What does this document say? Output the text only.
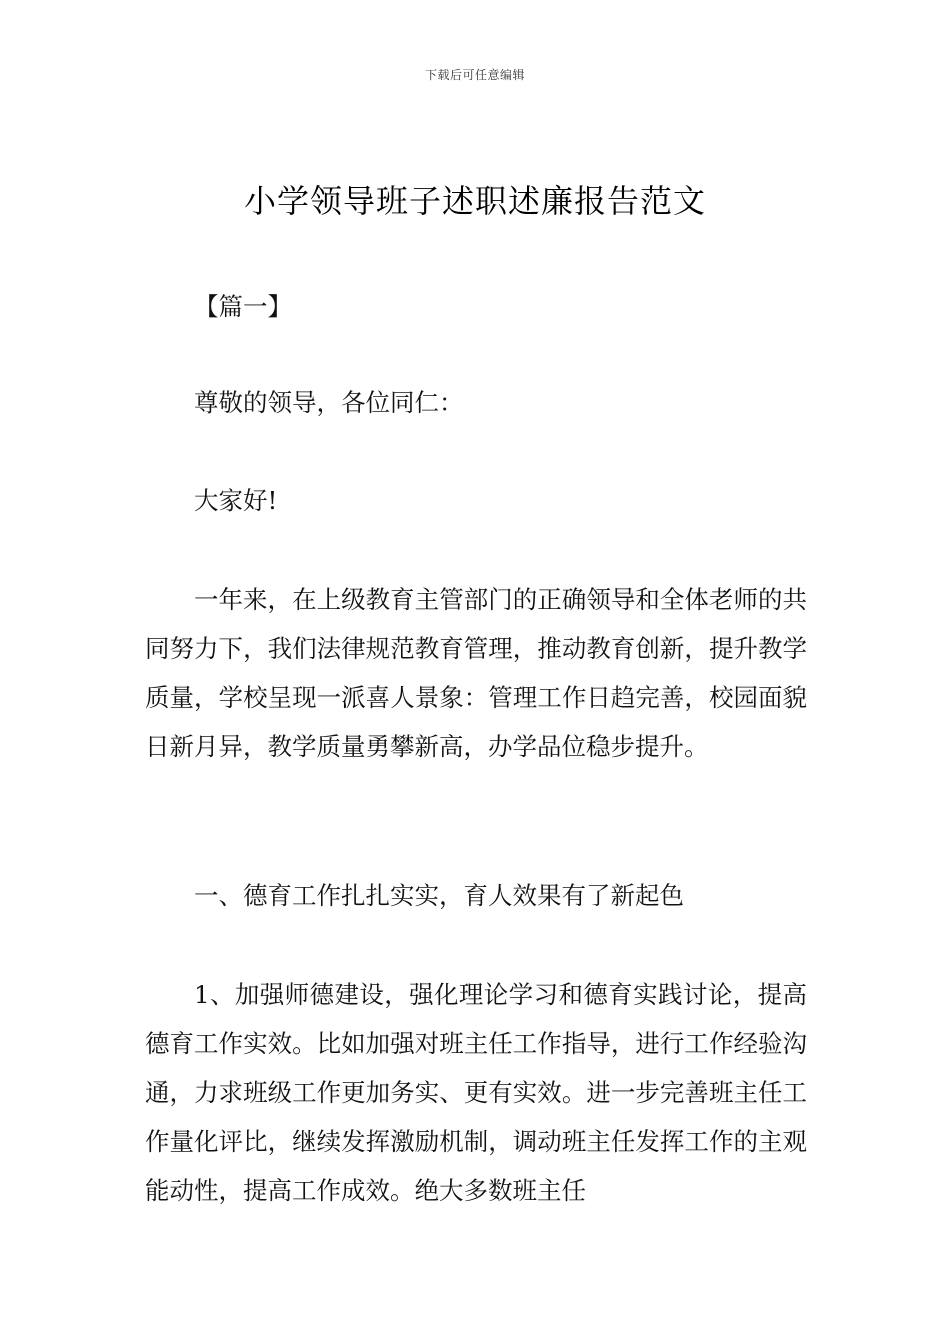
下载后可任意编辑
小学领导班子述职述廉报告范文

【篇一】

尊敬的领导，各位同仁：

大家好!

一年来，在上级教育主管部门的正确领导和全体老师的共同努力下，我们法律规范教育管理，推动教育创新，提升教学质量，学校呈现一派喜人景象：管理工作日趋完善，校园面貌日新月异，教学质量勇攀新高，办学品位稳步提升。

一、德育工作扎扎实实，育人效果有了新起色

1、加强师德建设，强化理论学习和德育实践讨论，提高德育工作实效。比如加强对班主任工作指导，进行工作经验沟通，力求班级工作更加务实、更有实效。进一步完善班主任工作量化评比，继续发挥激励机制，调动班主任发挥工作的主观能动性，提高工作成效。绝大多数班主任
